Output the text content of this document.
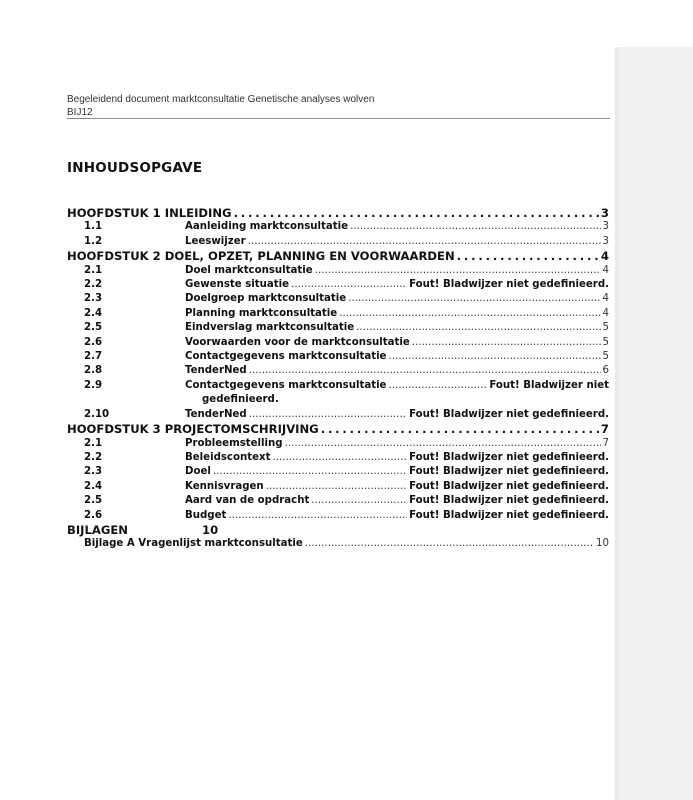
Begeleidend document marktconsultatie Genetische analyses wolven
BIJ12
INHOUDSOPGAVE
HOOFDSTUK 1 INLEIDING . . .	3
1.1	Aanleiding marktconsultatie . . .	3
1.2	Leeswijzer . . .	3
HOOFDSTUK 2 DOEL, OPZET, PLANNING EN VOORWAARDEN . . .	4
2.1	Doel marktconsultatie . . .	4
2.2	Gewenste situatie . . .	Fout! Bladwijzer niet gedefinieerd.
2.3	Doelgroep marktconsultatie . . .	4
2.4	Planning marktconsultatie . . .	4
2.5	Eindverslag marktconsultatie . . .	5
2.6	Voorwaarden voor de marktconsultatie . . .	5
2.7	Contactgegevens marktconsultatie . . .	5
2.8	TenderNed . . .	6
2.9	Contactgegevens marktconsultatie . . .	Fout! Bladwijzer niet
gedefinieerd.
2.10	TenderNed . . .	Fout! Bladwijzer niet gedefinieerd.
HOOFDSTUK 3 PROJECTOMSCHRIJVING . . .	7
2.1	Probleemstelling . . .	7
2.2	Beleidscontext . . .	Fout! Bladwijzer niet gedefinieerd.
2.3	Doel . . .	Fout! Bladwijzer niet gedefinieerd.
2.4	Kennisvragen . . .	Fout! Bladwijzer niet gedefinieerd.
2.5	Aard van de opdracht . . .	Fout! Bladwijzer niet gedefinieerd.
2.6	Budget . . .	Fout! Bladwijzer niet gedefinieerd.
BIJLAGEN	10
Bijlage A Vragenlijst marktconsultatie . . .	10
